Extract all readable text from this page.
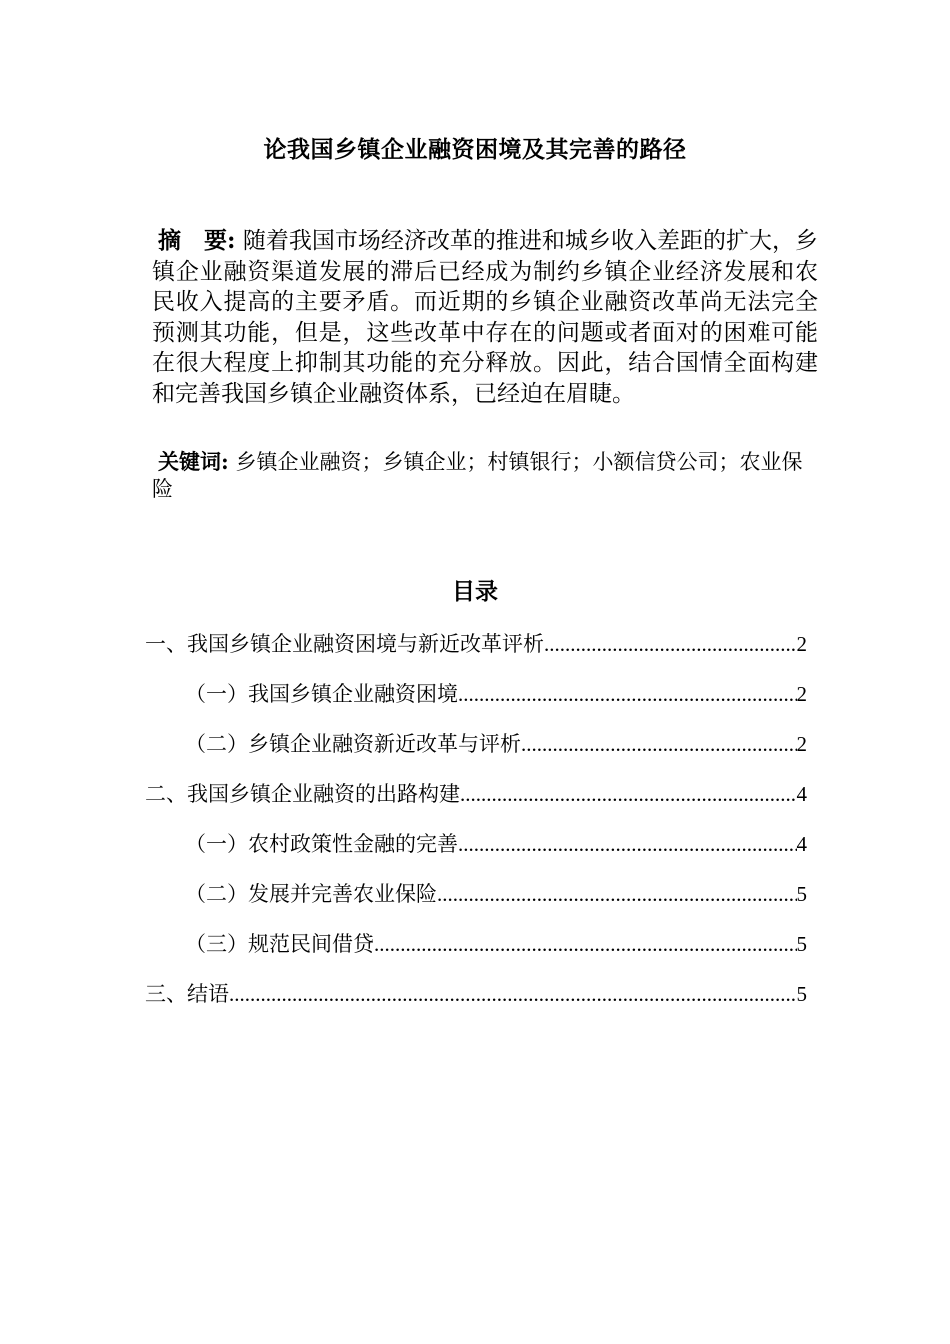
论我国乡镇企业融资困境及其完善的路径
摘　要: 随着我国市场经济改革的推进和城乡收入差距的扩大，乡镇企业融资渠道发展的滞后已经成为制约乡镇企业经济发展和农民收入提高的主要矛盾。而近期的乡镇企业融资改革尚无法完全预测其功能，但是，这些改革中存在的问题或者面对的困难可能在很大程度上抑制其功能的充分释放。因此，结合国情全面构建和完善我国乡镇企业融资体系，已经迫在眉睫。
关键词: 乡镇企业融资；乡镇企业；村镇银行；小额信贷公司；农业保险
目录
一、我国乡镇企业融资困境与新近改革评析 .....	2
（一）我国乡镇企业融资困境 .....	2
（二）乡镇企业融资新近改革与评析 .....	2
二、我国乡镇企业融资的出路构建 .....	4
（一）农村政策性金融的完善 .....	4
（二）发展并完善农业保险 .....	5
（三）规范民间借贷 .....	5
三、结语 .....	5
